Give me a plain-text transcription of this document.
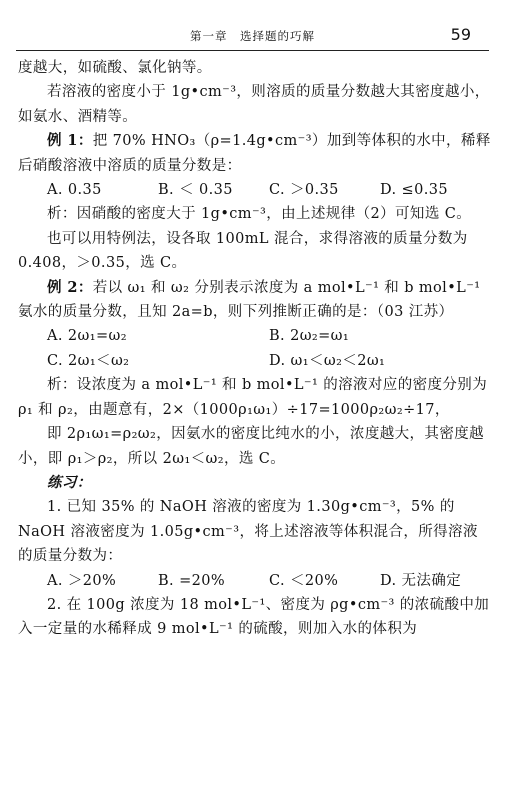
第一章　选择题的巧解	59

度越大，如硫酸、氯化钠等。

若溶液的密度小于 1g•cm⁻³，则溶质的质量分数越大其密度越小，如氨水、酒精等。

例 1：把 70% HNO₃（ρ=1.4g•cm⁻³）加到等体积的水中，稀释后硝酸溶液中溶质的质量分数是：

A. 0.35	B. ＜ 0.35	C. ＞0.35	D. ≤0.35

析：因硝酸的密度大于 1g•cm⁻³，由上述规律（2）可知选 C。

也可以用特例法，设各取 100mL 混合，求得溶液的质量分数为 0.408，＞0.35，选 C。

例 2：若以 ω₁ 和 ω₂ 分别表示浓度为 a mol•L⁻¹ 和 b mol•L⁻¹ 氨水的质量分数，且知 2a=b，则下列推断正确的是：（03 江苏）

A. 2ω₁=ω₂	B. 2ω₂=ω₁
C. 2ω₁＜ω₂	D. ω₁＜ω₂＜2ω₁

析：设浓度为 a mol•L⁻¹ 和 b mol•L⁻¹ 的溶液对应的密度分别为 ρ₁ 和 ρ₂，由题意有，2×（1000ρ₁ω₁）÷17=1000ρ₂ω₂÷17，

即 2ρ₁ω₁=ρ₂ω₂，因氨水的密度比纯水的小，浓度越大，其密度越小，即 ρ₁＞ρ₂，所以 2ω₁＜ω₂，选 C。

练习：

1. 已知 35% 的 NaOH 溶液的密度为 1.30g•cm⁻³，5% 的 NaOH 溶液密度为 1.05g•cm⁻³，将上述溶液等体积混合，所得溶液的质量分数为：

A. ＞20%	B. =20%	C. ＜20%	D. 无法确定

2. 在 100g 浓度为 18 mol•L⁻¹、密度为 ρg•cm⁻³ 的浓硫酸中加入一定量的水稀释成 9 mol•L⁻¹ 的硫酸，则加入水的体积为
